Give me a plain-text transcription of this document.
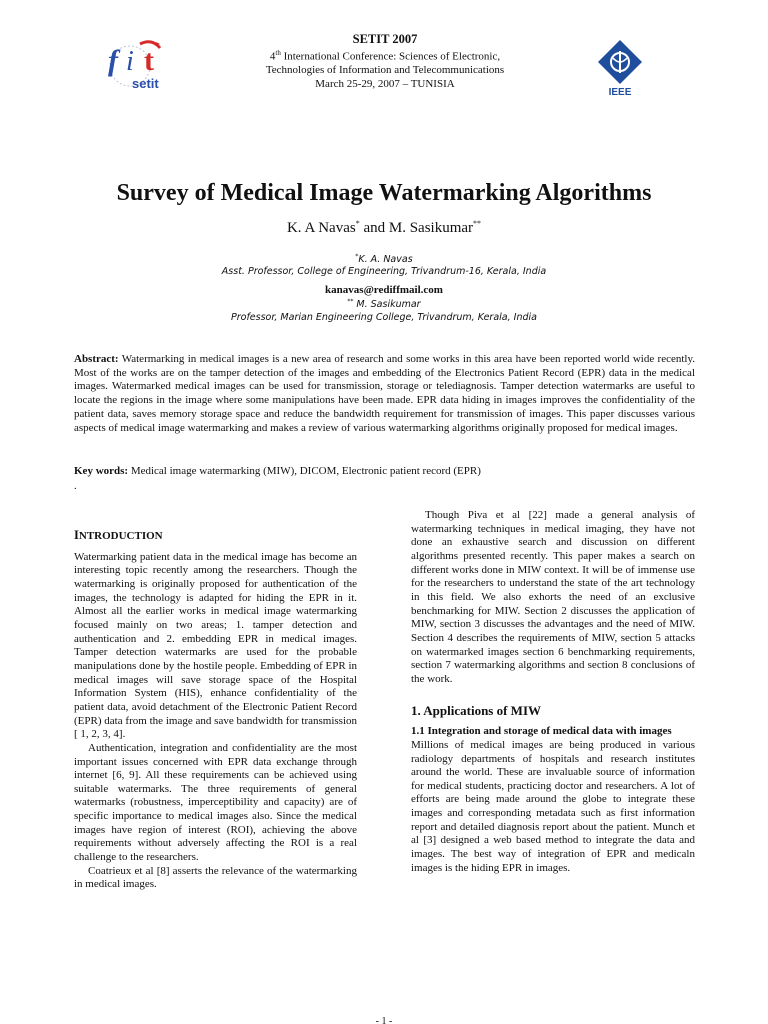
f i t
setit
IEEE
SETIT 2007
4th International Conference: Sciences of Electronic,
Technologies of Information and Telecommunications
March 25-29, 2007 – TUNISIA
Survey of Medical Image Watermarking Algorithms
K. A Navas* and M. Sasikumar**
*K. A. Navas
Asst. Professor, College of Engineering, Trivandrum-16, Kerala, India
kanavas@rediffmail.com
** M. Sasikumar
Professor, Marian Engineering College, Trivandrum, Kerala, India
Abstract: Watermarking in medical images is a new area of research and some works in this area have been reported world wide recently. Most of the works are on the tamper detection of the images and embedding of the Electronics Patient Record (EPR) data in the medical images. Watermarked medical images can be used for transmission, storage or telediagnosis. Tamper detection watermarks are useful to locate the regions in the image where some manipulations have been made. EPR data hiding in images improves the confidentiality of the patient data, saves memory storage space and reduce the bandwidth requirement for transmission of images. This paper discusses various aspects of medical image watermarking and makes a review of various watermarking algorithms originally proposed for medical images.
Key words: Medical image watermarking (MIW), DICOM, Electronic patient record (EPR)
.
INTRODUCTION

Watermarking patient data in the medical image has become an interesting topic recently among the researchers. Though the watermarking is originally proposed for authentication of the images, the technology is adapted for hiding the EPR in it. Almost all the earlier works in medical image watermarking focused mainly on two areas; 1. tamper detection and authentication and 2. embedding EPR in medical images. Tamper detection watermarks are used for the probable manipulations done by the hostile people. Embedding of EPR in medical images will save storage space of the Hospital Information System (HIS), enhance confidentiality of the patient data, avoid detachment of the Electronic Patient Record (EPR) data from the image and save bandwidth for transmission [ 1, 2, 3, 4].

Authentication, integration and confidentiality are the most important issues concerned with EPR data exchange through internet [6, 9]. All these requirements can be achieved using suitable watermarks. The three requirements of general watermarks (robustness, imperceptibility and capacity) are of specific importance to medical images also. Since the medical images have region of interest (ROI), achieving the above requirements without adversely affecting the ROI is a real challenge to the researchers.

Coatrieux et al [8] asserts the relevance of the watermarking in medical images.

Though Piva et al [22] made a general analysis of watermarking techniques in medical imaging, they have not done an exhaustive search and discussion on different algorithms presented recently. This paper makes a search on different works done in MIW context. It will be of immense use for the researchers to understand the state of the art technology in this field. We also exhorts the need of an exclusive benchmarking for MIW. Section 2 discusses the application of MIW, section 3 discusses the advantages and the need of MIW. Section 4 describes the requirements of MIW, section 5 attacks on watermarked images section 6 benchmarking requirements, section 7 watermarking algorithms and section 8 conclusions of the work.

1. Applications of MIW
1.1 Integration and storage of medical data with images

Millions of medical images are being produced in various radiology departments of hospitals and research institutes around the world. These are invaluable source of information for medical students, practicing doctor and researchers. A lot of efforts are being made around the globe to integrate these images and corresponding metadata such as first information report and detailed diagnosis report about the patient. Munch et al [3] designed a web based method to integrate the data and images. The best way of integration of EPR and medicaln images is the hiding EPR in images.

- 1 -
